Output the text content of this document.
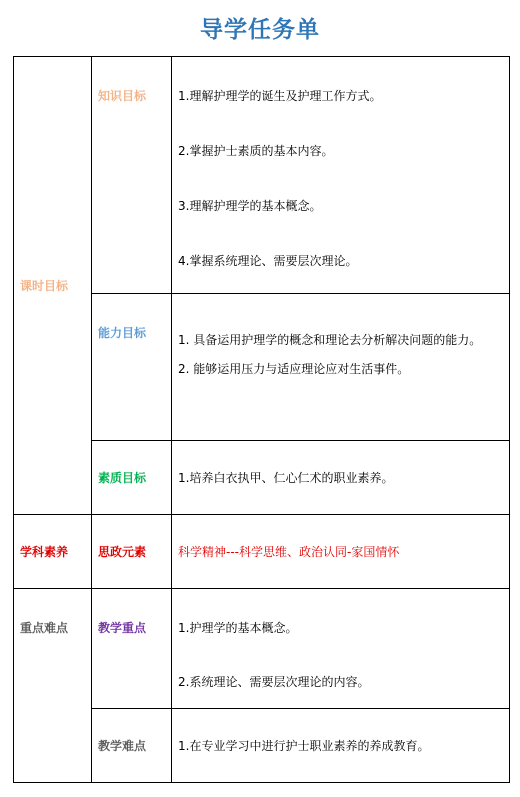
导学任务单
课时目标	知识目标	1.理解护理学的诞生及护理工作方式。

2.掌握护士素质的基本内容。

3.理解护理学的基本概念。

4.掌握系统理论、需要层次理论。

	能力目标	1. 具备运用护理学的概念和理论去分析解决问题的能力。

2. 能够运用压力与适应理论应对生活事件。

	素质目标	1.培养白衣执甲、仁心仁术的职业素养。

学科素养	思政元素	科学精神---科学思维、政治认同-家国情怀

重点难点	教学重点	1.护理学的基本概念。

2.系统理论、需要层次理论的内容。

	教学难点	1.在专业学习中进行护士职业素养的养成教育。
